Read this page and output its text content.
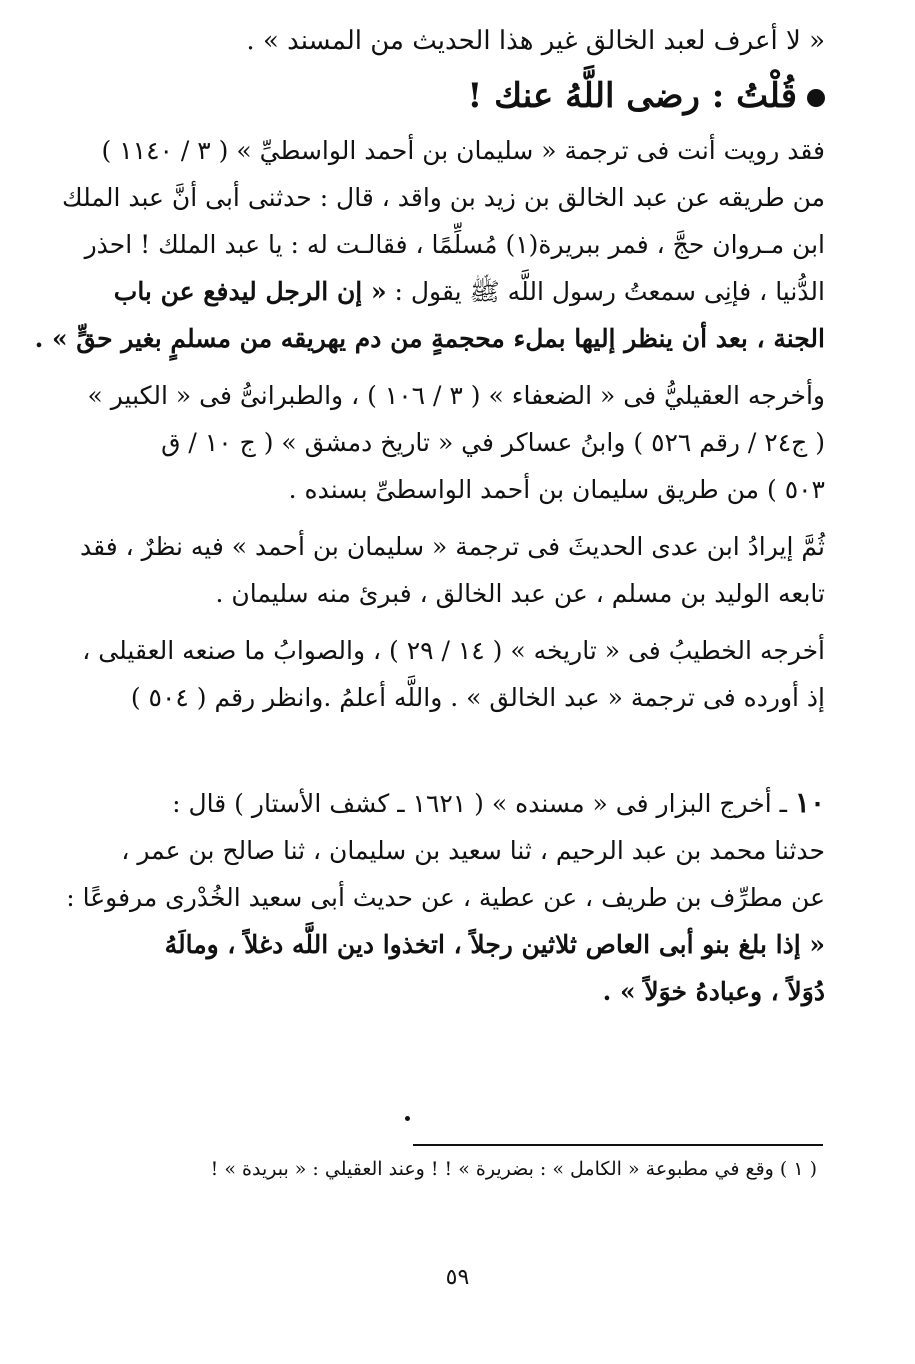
« لا أعرف لعبد الخالق غير هذا الحديث من المسند » .
قُلْتُ : رضى اللَّهُ عنك !

فقد رويت أنت فى ترجمة « سليمان بن أحمد الواسطيِّ » ( ٣ / ١١٤٠ )
من طريقه عن عبد الخالق بن زيد بن واقد ، قال : حدثنى أبى أنَّ عبد الملك
ابن مـروان حجَّ ، فمر ببريرة(١) مُسلِّمًا ، فقالـت له : يا عبد الملك ! احذر
الدُّنيا ، فإنِى سمعتُ رسول اللَّه ﷺ يقول : « إن الرجل ليدفع عن باب
الجنة ، بعد أن ينظر إليها بملء محجمةٍ من دم يهريقه من مسلمٍ بغير حقٍّ » .

وأخرجه العقيليُّ فى « الضعفاء » ( ٣ / ١٠٦ ) ، والطبرانىُّ فى « الكبير »
( ج٢٤ / رقم ٥٢٦ ) وابنُ عساكر في « تاريخ دمشق » ( ج ١٠ / ق
٥٠٣ ) من طريق سليمان بن أحمد الواسطىِّ بسنده .

ثُمَّ إيرادُ ابن عدى الحديثَ فى ترجمة « سليمان بن أحمد » فيه نظرٌ ، فقد
تابعه الوليد بن مسلم ، عن عبد الخالق ، فبرئ منه سليمان .

أخرجه الخطيبُ فى « تاريخه » ( ١٤ / ٢٩ ) ، والصوابُ ما صنعه العقيلى ،
إذ أورده فى ترجمة « عبد الخالق » . واللَّه أعلمُ .وانظر رقم ( ٥٠٤ )

١٠ ـ أخرج البزار فى « مسنده » ( ١٦٢١ ـ كشف الأستار ) قال :
حدثنا محمد بن عبد الرحيم ، ثنا سعيد بن سليمان ، ثنا صالح بن عمر ،
عن مطرِّف بن طريف ، عن عطية ، عن حديث أبى سعيد الخُدْرى مرفوعًا :
« إذا بلغ بنو أبى العاص ثلاثين رجلاً ، اتخذوا دين اللَّه دغلاً ، ومالَهُ
دُوَلاً ، وعبادهُ خوَلاً » .

( ١ ) وقع في مطبوعة « الكامل » : بضريرة » ! ! وعند العقيلي : « ببريدة » !
٥٩
